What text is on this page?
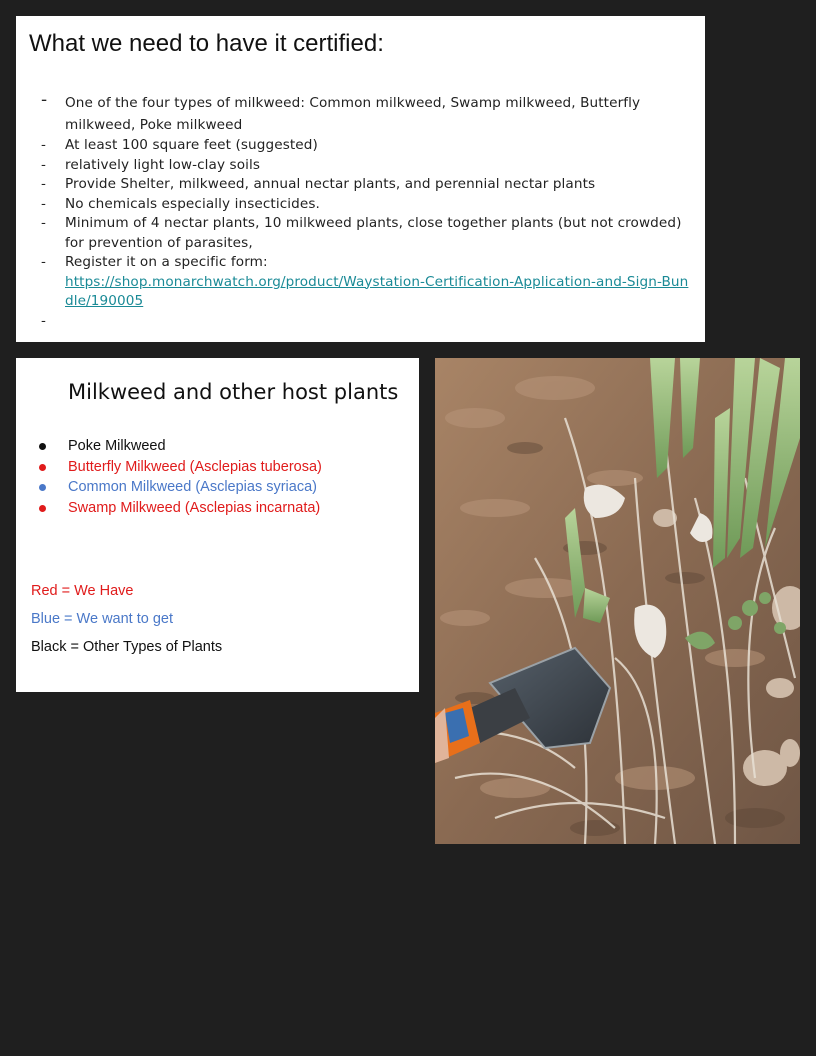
What we need to have it certified:
- One of the four types of milkweed: Common milkweed, Swamp milkweed, Butterfly milkweed, Poke milkweed
- At least 100 square feet (suggested)
- relatively light low-clay soils
- Provide Shelter, milkweed, annual nectar plants, and perennial nectar plants
- No chemicals especially insecticides.
- Minimum of 4 nectar plants, 10 milkweed plants, close together plants (but not crowded) for prevention of parasites,
- Register it on a specific form:
https://shop.monarchwatch.org/product/Waystation-Certification-Application-and-Sign-Bundle/190005
-
Milkweed and other host plants
Poke Milkweed
Butterfly Milkweed (Asclepias tuberosa)
Common Milkweed (Asclepias syriaca)
Swamp Milkweed (Asclepias incarnata)
Red = We Have
Blue = We want to get
Black = Other Types of Plants
